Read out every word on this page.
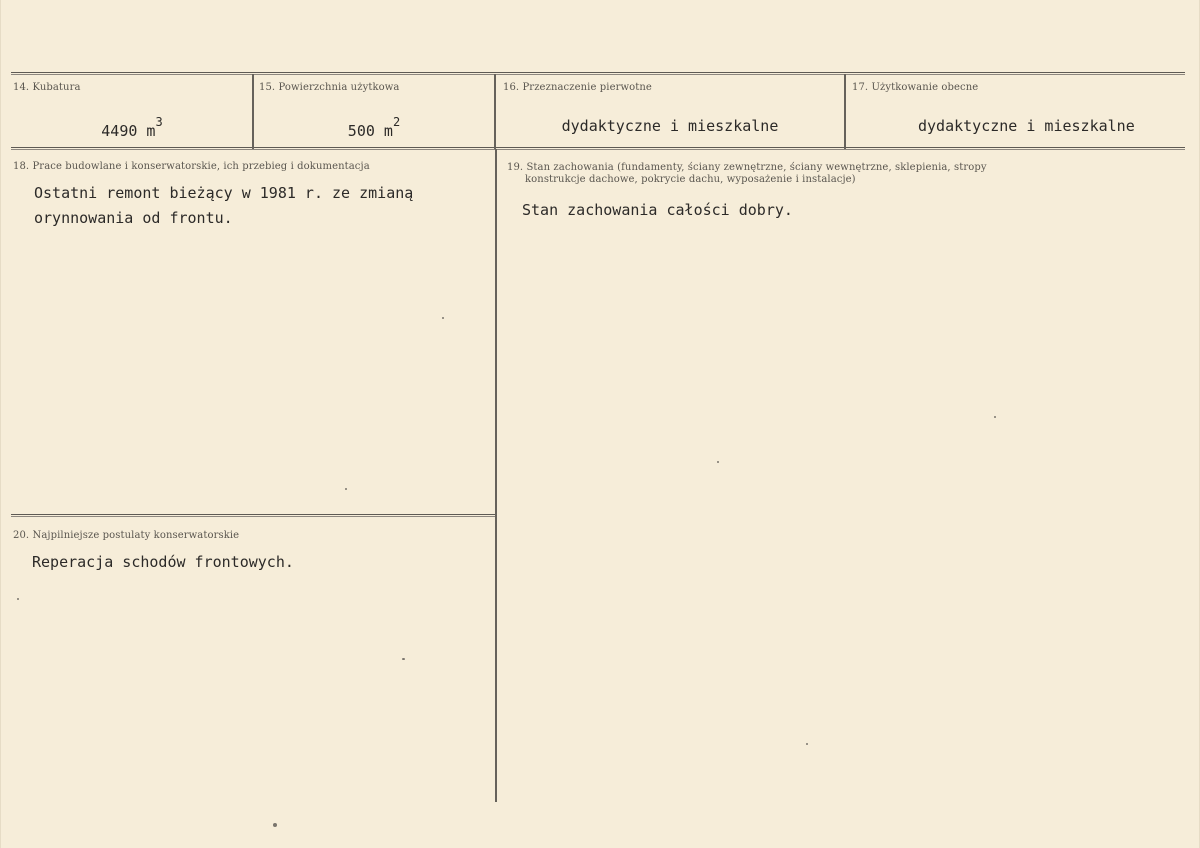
14. Kubatura
4490 $m^3$
15. Powierzchnia użytkowa
500 $m^2$
16. Przeznaczenie pierwotne
dydaktyczne i mieszkalne
17. Użytkowanie obecne
dydaktyczne i mieszkalne
18. Prace budowlane i konserwatorskie, ich przebieg i dokumentacja
Ostatni remont bieżący w 1981 r. ze zmianą
orynnowania od frontu.
19. Stan zachowania (fundamenty, ściany zewnętrzne, ściany wewnętrzne, sklepienia, stropy
konstrukcje dachowe, pokrycie dachu, wyposażenie i instalacje)
Stan zachowania całości dobry.
20. Najpilniejsze postulaty konserwatorskie
Reperacja schodów frontowych.
